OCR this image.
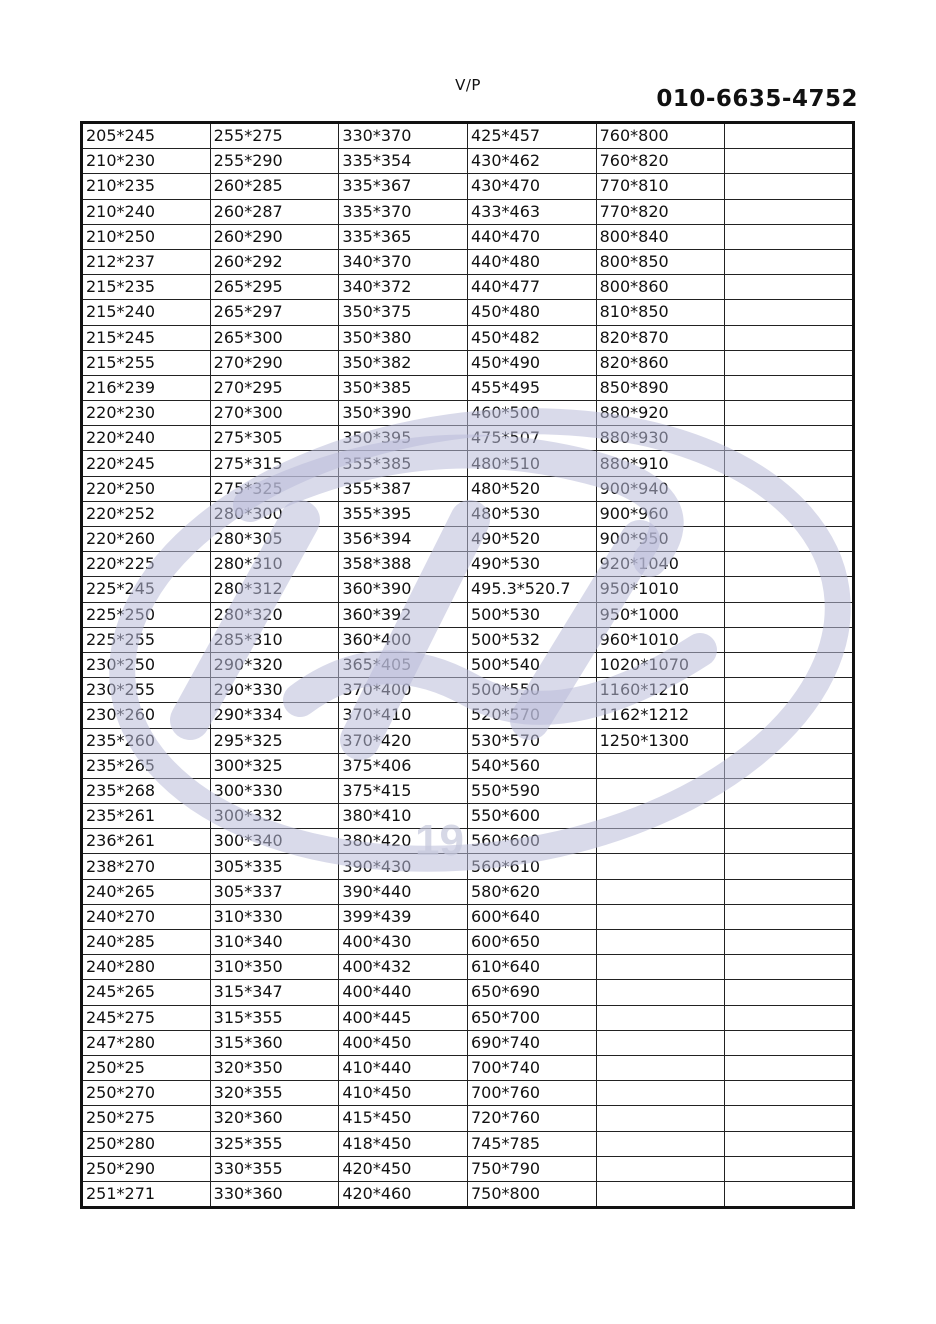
V/P
010-6635-4752
205*245	255*275	330*370	425*457	760*800	
210*230	255*290	335*354	430*462	760*820	
210*235	260*285	335*367	430*470	770*810	
210*240	260*287	335*370	433*463	770*820	
210*250	260*290	335*365	440*470	800*840	
212*237	260*292	340*370	440*480	800*850	
215*235	265*295	340*372	440*477	800*860	
215*240	265*297	350*375	450*480	810*850	
215*245	265*300	350*380	450*482	820*870	
215*255	270*290	350*382	450*490	820*860	
216*239	270*295	350*385	455*495	850*890	
220*230	270*300	350*390	460*500	880*920	
220*240	275*305	350*395	475*507	880*930	
220*245	275*315	355*385	480*510	880*910	
220*250	275*325	355*387	480*520	900*940	
220*252	280*300	355*395	480*530	900*960	
220*260	280*305	356*394	490*520	900*950	
220*225	280*310	358*388	490*530	920*1040	
225*245	280*312	360*390	495.3*520.7	950*1010	
225*250	280*320	360*392	500*530	950*1000	
225*255	285*310	360*400	500*532	960*1010	
230*250	290*320	365*405	500*540	1020*1070	
230*255	290*330	370*400	500*550	1160*1210	
230*260	290*334	370*410	520*570	1162*1212	
235*260	295*325	370*420	530*570	1250*1300	
235*265	300*325	375*406	540*560		
235*268	300*330	375*415	550*590		
235*261	300*332	380*410	550*600		
236*261	300*340	380*420	560*600		
238*270	305*335	390*430	560*610		
240*265	305*337	390*440	580*620		
240*270	310*330	399*439	600*640		
240*285	310*340	400*430	600*650		
240*280	310*350	400*432	610*640		
245*265	315*347	400*440	650*690		
245*275	315*355	400*445	650*700		
247*280	315*360	400*450	690*740		
250*25	320*350	410*440	700*740		
250*270	320*355	410*450	700*760		
250*275	320*360	415*450	720*760		
250*280	325*355	418*450	745*785		
250*290	330*355	420*450	750*790		
251*271	330*360	420*460	750*800		
19
